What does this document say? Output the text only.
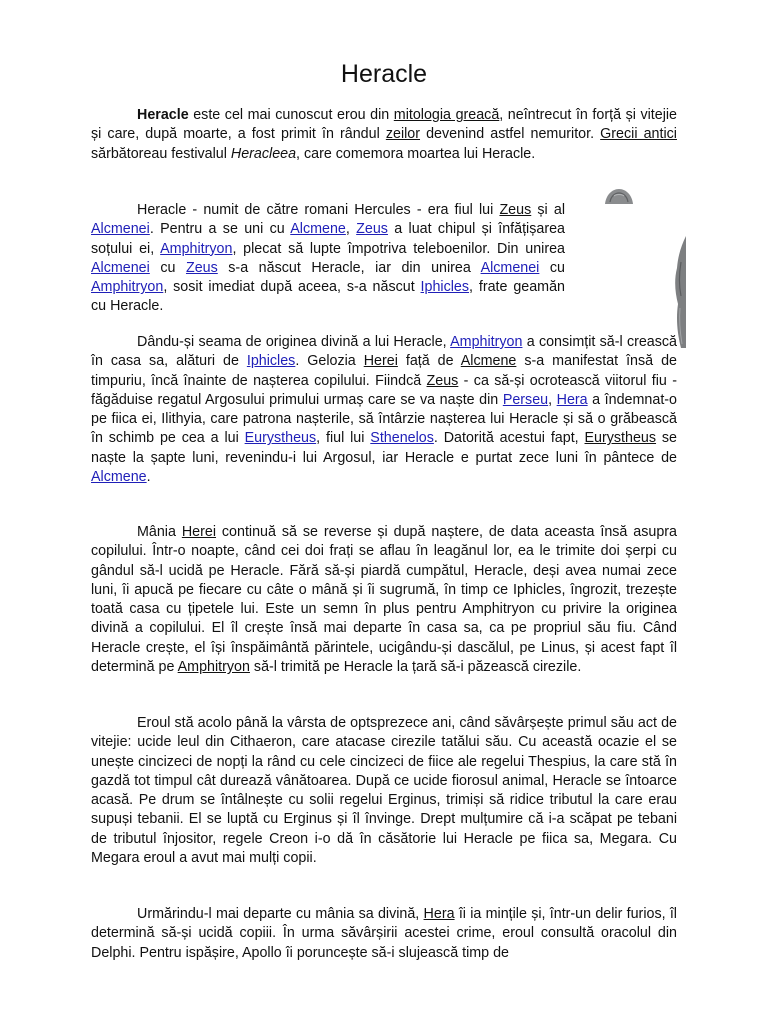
Heracle

Heracle este cel mai cunoscut erou din mitologia greacă, neîntrecut în forță și vitejie și care, după moarte, a fost primit în rândul zeilor devenind astfel nemuritor. Grecii antici sărbătoreau festivalul Heracleea, care comemora moartea lui Heracle.

Heracle - numit de către romani Hercules - era fiul lui Zeus și al Alcmenei. Pentru a se uni cu Alcmene, Zeus a luat chipul și înfățișarea soțului ei, Amphitryon, plecat să lupte împotriva teleboenilor. Din unirea Alcmenei cu Zeus s-a născut Heracle, iar din unirea Alcmenei cu Amphitryon, sosit imediat după aceea, s-a născut Iphicles, frate geamăn cu Heracle.

Dându-și seama de originea divină a lui Heracle, Amphitryon a consimțit să-l crească în casa sa, alături de Iphicles. Gelozia Herei față de Alcmene s-a manifestat însă de timpuriu, încă înainte de nașterea copilului. Fiindcă Zeus - ca să-și ocrotească viitorul fiu - făgăduise regatul Argosului primului urmaș care se va naște din Perseu, Hera a îndemnat-o pe fiica ei, Ilithyia, care patrona nașterile, să întârzie nașterea lui Heracle și să o grăbească în schimb pe cea a lui Eurystheus, fiul lui Sthenelos. Datorită acestui fapt, Eurystheus se naște la șapte luni, revenindu-i lui Argosul, iar Heracle e purtat zece luni în pântece de Alcmene.

Mânia Herei continuă să se reverse și după naștere, de data aceasta însă asupra copilului. Într-o noapte, când cei doi frați se aflau în leagănul lor, ea le trimite doi șerpi cu gândul să-l ucidă pe Heracle. Fără să-și piardă cumpătul, Heracle, deși avea numai zece luni, îi apucă pe fiecare cu câte o mână și îi sugrumă, în timp ce Iphicles, îngrozit, trezește toată casa cu țipetele lui. Este un semn în plus pentru Amphitryon cu privire la originea divină a copilului. El îl crește însă mai departe în casa sa, ca pe propriul său fiu. Când Heracle crește, el își înspăimântă părintele, ucigându-și dascălul, pe Linus, și acest fapt îl determină pe Amphitryon să-l trimită pe Heracle la țară să-i păzească cirezile.

Eroul stă acolo până la vârsta de optsprezece ani, când săvârșește primul său act de vitejie: ucide leul din Cithaeron, care atacase cirezile tatălui său. Cu această ocazie el se unește cincizeci de nopți la rând cu cele cincizeci de fiice ale regelui Thespius, la care stă în gazdă tot timpul cât durează vânătoarea. După ce ucide fiorosul animal, Heracle se întoarce acasă. Pe drum se întâlnește cu solii regelui Erginus, trimiși să ridice tributul la care erau supuși tebanii. El se luptă cu Erginus și îl învinge. Drept mulțumire că i-a scăpat pe tebani de tributul înjositor, regele Creon i-o dă în căsătorie lui Heracle pe fiica sa, Megara. Cu Megara eroul a avut mai mulți copii.

Urmărindu-l mai departe cu mânia sa divină, Hera îi ia mințile și, într-un delir furios, îl determină să-și ucidă copiii. În urma săvârșirii acestei crime, eroul consultă oracolul din Delphi. Pentru ispășire, Apollo îi poruncește să-i slujească timp de
